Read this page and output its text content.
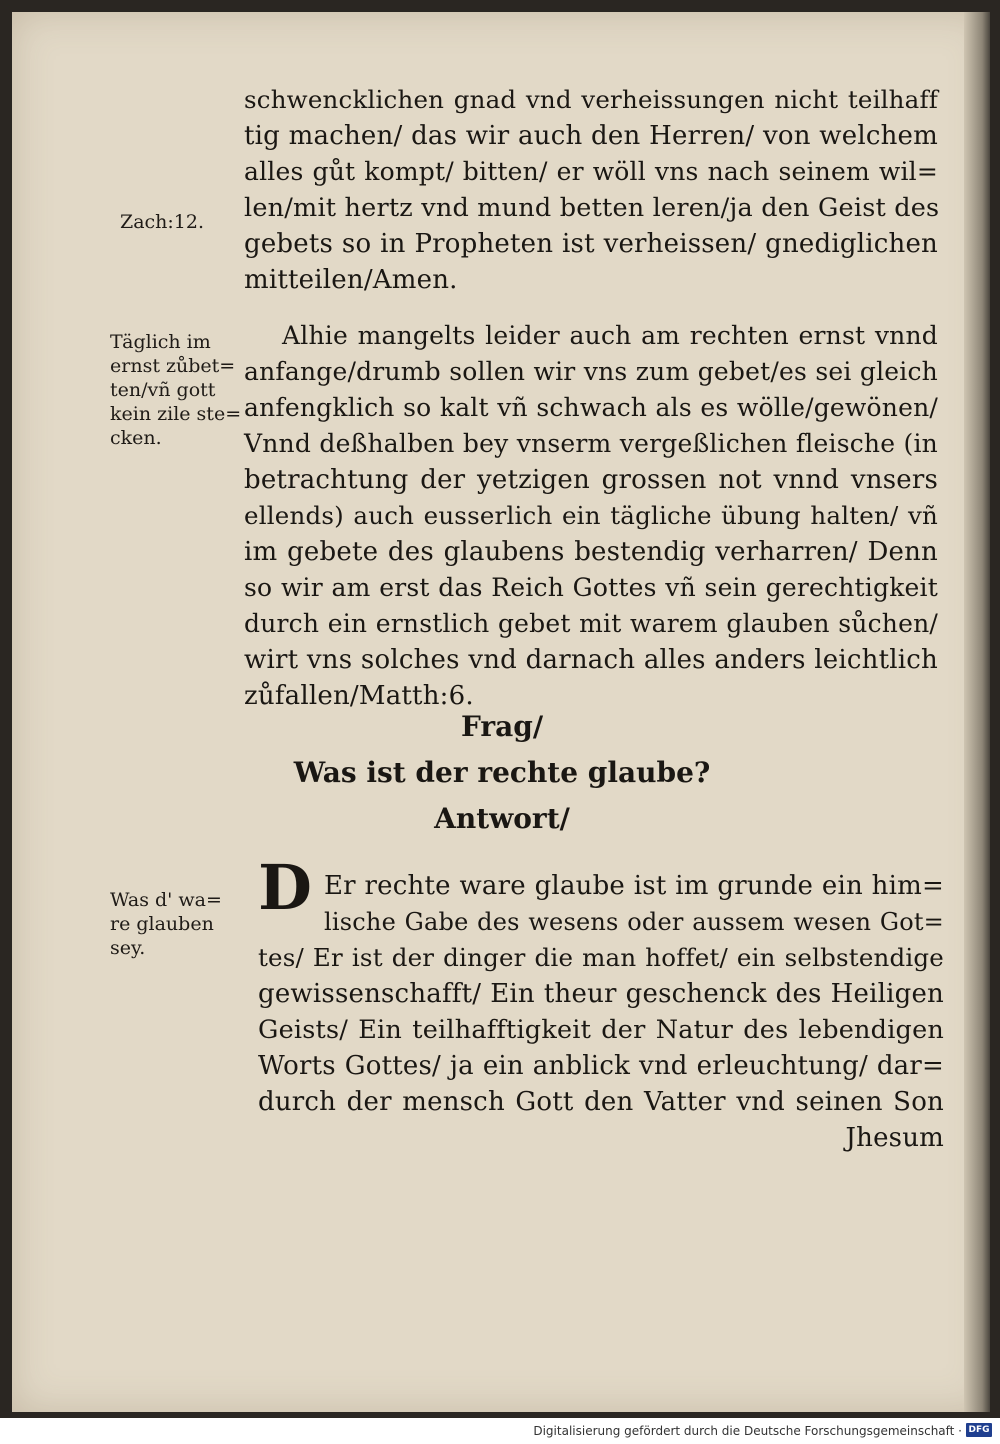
schwencklichen gnad vnd verheissungen nicht teilhaff
tig machen/ das wir auch den Herren/ von welchem
alles gůt kompt/ bitten/ er wöll vns nach seinem wil=
len/mit hertz vnd mund betten leren/ja den Geist des
gebets so in Propheten ist verheissen/ gnediglichen
mitteilen/Amen.
Zach:12.
Täglich im
ernst zůbet=
ten/vñ gott
kein zile ste=
cken.
Alhie mangelts leider auch am rechten ernst vnnd
anfange/drumb sollen wir vns zum gebet/es sei gleich
anfengklich so kalt vñ schwach als es wölle/gewönen/
Vnnd deßhalben bey vnserm vergeßlichen fleische (in
betrachtung der yetzigen grossen not vnnd vnsers
ellends) auch eusserlich ein tägliche übung halten/ vñ
im gebete des glaubens bestendig verharren/ Denn
so wir am erst das Reich Gottes vñ sein gerechtigkeit
durch ein ernstlich gebet mit warem glauben sůchen/
wirt vns solches vnd darnach alles anders leichtlich
zůfallen/Matth:6.
Frag/
Was ist der rechte glaube?
Antwort/
Was d' wa=
re glauben
sey.
D Er rechte ware glaube ist im grunde ein him=
lische Gabe des wesens oder aussem wesen Got=
tes/ Er ist der dinger die man hoffet/ ein selbstendige
gewissenschafft/ Ein theur geschenck des Heiligen
Geists/ Ein teilhafftigkeit der Natur des lebendigen
Worts Gottes/ ja ein anblick vnd erleuchtung/ dar=
durch der mensch Gott den Vatter vnd seinen Son
Jhesum
Digitalisierung gefördert durch die Deutsche Forschungsgemeinschaft · DFG
